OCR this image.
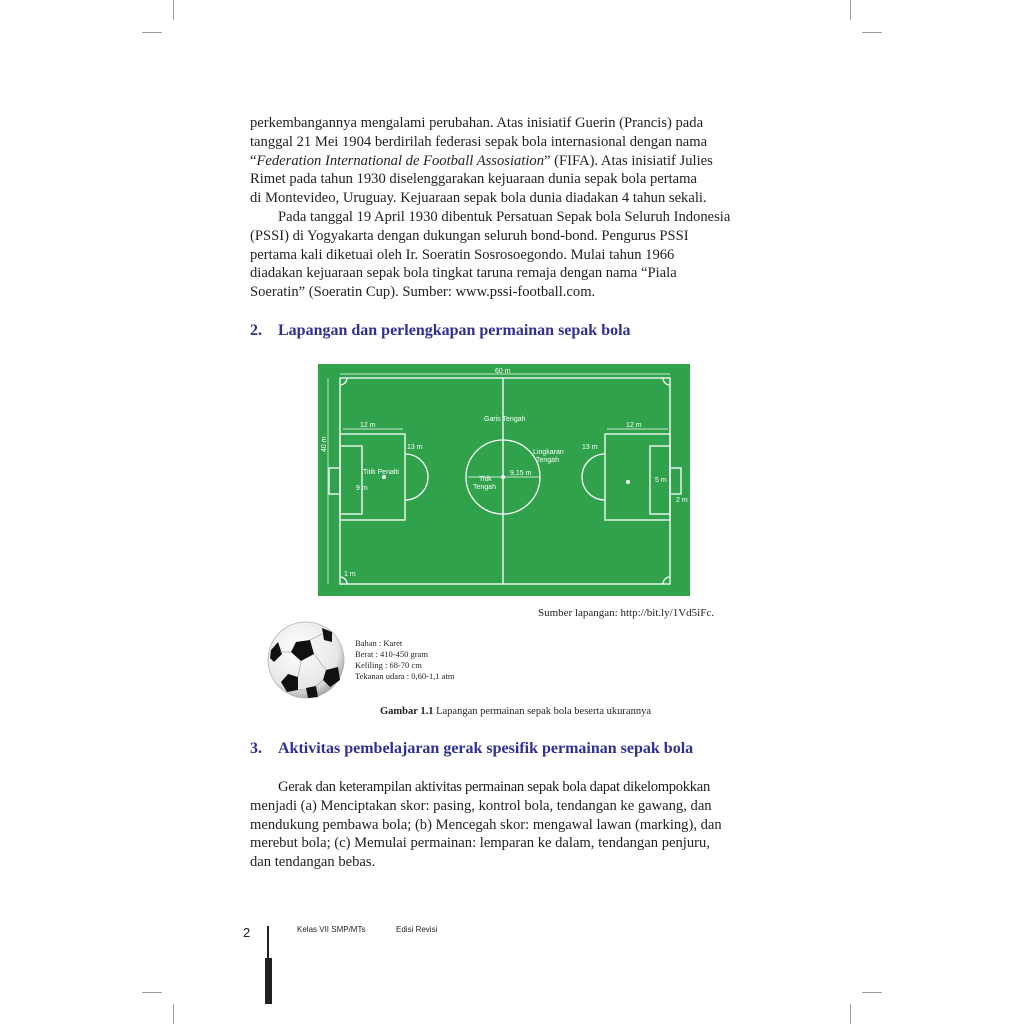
perkembangannya mengalami perubahan. Atas inisiatif Guerin (Prancis) pada
tanggal 21 Mei 1904 berdirilah federasi sepak bola internasional dengan nama
“Federation International de Football Assosiation” (FIFA). Atas inisiatif Julies
Rimet pada tahun 1930 diselenggarakan kejuaraan dunia sepak bola pertama
di Montevideo, Uruguay. Kejuaraan sepak bola dunia diadakan 4 tahun sekali.
Pada tanggal 19 April 1930 dibentuk Persatuan Sepak bola Seluruh Indonesia
(PSSI) di Yogyakarta dengan dukungan seluruh bond-bond. Pengurus PSSI
pertama kali diketuai oleh Ir. Soeratin Sosrosoegondo. Mulai tahun 1966
diadakan kejuaraan sepak bola tingkat taruna remaja dengan nama “Piala
Soeratin” (Soeratin Cup). Sumber: www.pssi-football.com.
2. Lapangan dan perlengkapan permainan sepak bola
60 m
40 m
12 m	12 m
13 m	13 m
Garis Tengah
Lingkaran
Tengah
Titik
Tengah
9,15 m
Titik Penalti
9 m
5 m
2 m
1 m
Sumber lapangan: http://bit.ly/1Vd5iFc.
Bahan : Karet
Berat : 410-450 gram
Keliling : 68-70 cm
Tekanan udara : 0,60-1,1 atm
Gambar 1.1 Lapangan permainan sepak bola beserta ukurannya
3. Aktivitas pembelajaran gerak spesifik permainan sepak bola
Gerak dan keterampilan aktivitas permainan sepak bola dapat dikelompokkan
menjadi (a) Menciptakan skor: pasing, kontrol bola, tendangan ke gawang, dan
mendukung pembawa bola; (b) Mencegah skor: mengawal lawan (marking), dan
merebut bola; (c) Memulai permainan: lemparan ke dalam, tendangan penjuru,
dan tendangan bebas.
2	Kelas VII SMP/MTs	Edisi Revisi
